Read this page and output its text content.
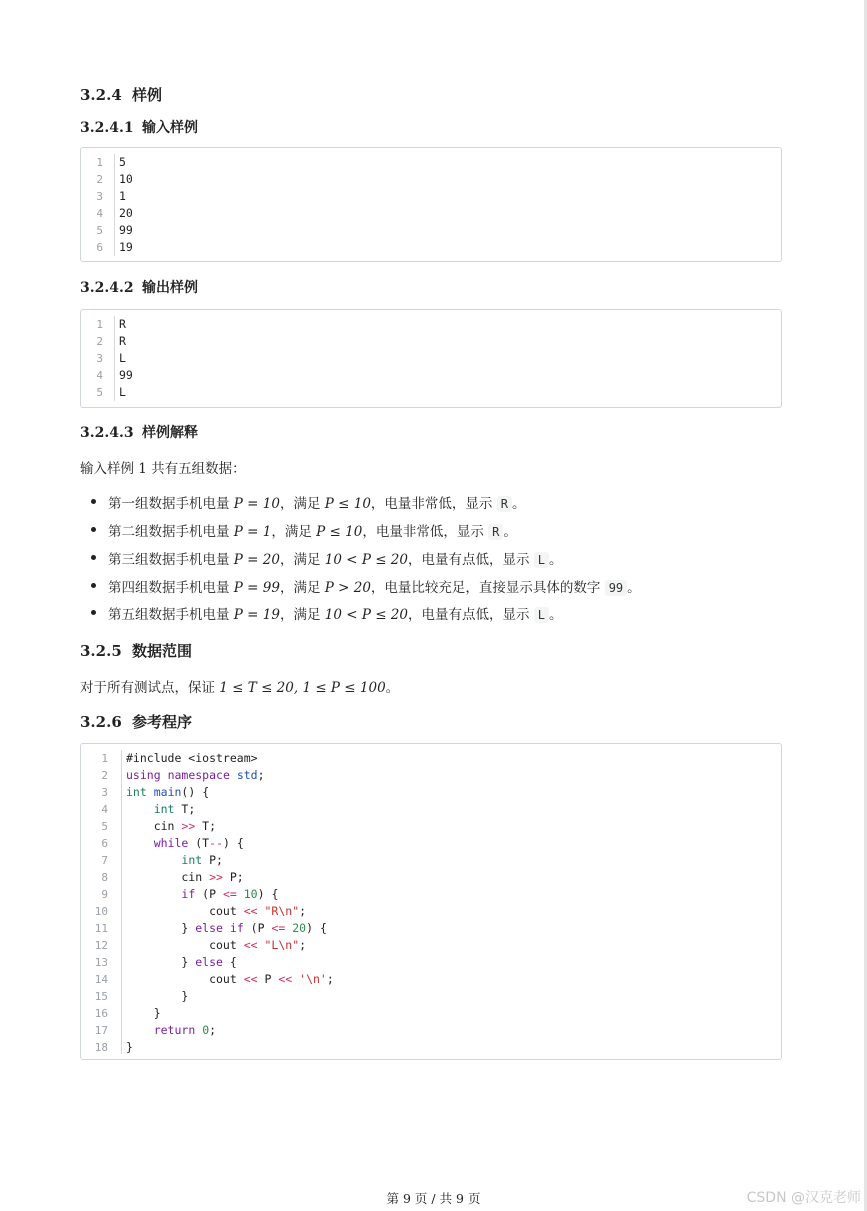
3.2.4 样例
3.2.4.1 输入样例
1 5
2 10
3 1
4 20
5 99
6 19
3.2.4.2 输出样例
1 R
2 R
3 L
4 99
5 L
3.2.4.3 样例解释
输入样例 1 共有五组数据：
第一组数据手机电量 P = 10，满足 P ≤ 10，电量非常低，显示 R 。
第二组数据手机电量 P = 1，满足 P ≤ 10，电量非常低，显示 R 。
第三组数据手机电量 P = 20，满足 10 < P ≤ 20，电量有点低，显示 L 。
第四组数据手机电量 P = 99，满足 P > 20，电量比较充足，直接显示具体的数字 99 。
第五组数据手机电量 P = 19，满足 10 < P ≤ 20，电量有点低，显示 L 。
3.2.5 数据范围
对于所有测试点，保证 1 ≤ T ≤ 20, 1 ≤ P ≤ 100。
3.2.6 参考程序
1 #include <iostream>
2 using namespace std;
3 int main() {
4	int T;
5 cin >> T;
6	while (T--) {
7	int P;
8 cin >> P;
9	if (P <= 10) {
10 cout << "R\n";
11 } else if (P <= 20) {
12 cout << "L\n";
13 } else {
14 cout << P << '\n';
15 }
16 }
17	return 0;
18 }
第 9 页 / 共 9 页	CSDN @汉克老师
